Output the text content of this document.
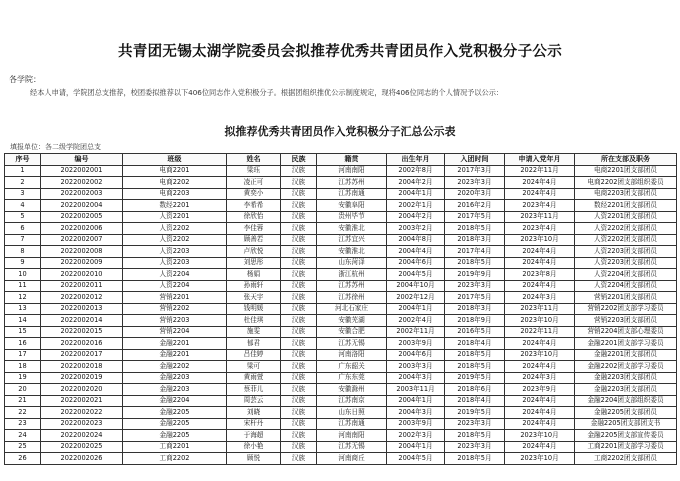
共青团无锡太湖学院委员会拟推荐优秀共青团员作入党积极分子公示
各学院：
经本人申请，学院团总支推荐，校团委拟推荐以下406位同志作入党积极分子。根据团组织推优公示制度规定，现将406位同志的个人情况予以公示：
拟推荐优秀共青团员作入党积极分子汇总公示表
填报单位：各二级学院团总支
序号	编号	班级	姓名	民族	籍贯	出生年月	入团时间	申请入党年月	所在支部及职务
1	2022002001	电商2201	梁珏	汉族	河南南阳	2002年8月	2017年3月	2022年11月	电商2201团支部团员
2	2022002002	电商2202	凌正可	汉族	江苏苏州	2004年2月	2023年3月	2024年4月	电商2202团支部组织委员
3	2022002003	电商2203	黄奕小	汉族	江苏南通	2004年1月	2020年3月	2024年4月	电商2203团支部团员
4	2022002004	数经2201	李希希	汉族	安徽阜阳	2002年1月	2016年2月	2023年4月	数经2201团支部团员
5	2022002005	人资2201	徐欣怡	汉族	贵州毕节	2004年2月	2017年5月	2023年11月	人资2201团支部团员
6	2022002006	人资2202	李佳蓉	汉族	安徽淮北	2003年2月	2018年5月	2023年4月	人资2202团支部团员
7	2022002007	人资2202	顾善若	汉族	江苏宜兴	2004年8月	2018年3月	2023年10月	人资2202团支部团员
8	2022002008	人资2203	卢欣悦	汉族	安徽淮北	2004年4月	2017年4月	2024年4月	人资2203团支部团员
9	2022002009	人资2203	刘思彤	汉族	山东菏泽	2004年6月	2018年5月	2024年4月	人资2203团支部团员
10	2022002010	人资2204	杨娟	汉族	浙江杭州	2004年5月	2019年9月	2023年8月	人资2204团支部团员
11	2022002011	人资2204	孙雨轩	汉族	江苏苏州	2004年10月	2023年3月	2024年4月	人资2204团支部团员
12	2022002012	营销2201	张天宇	汉族	江苏徐州	2002年12月	2017年5月	2024年3月	营销2201团支部团员
13	2022002013	营销2202	钱明媛	汉族	河北石家庄	2004年1月	2018年3月	2023年11月	营销2202团支部学习委员
14	2022002014	营销2203	杜佳琪	汉族	安徽芜湖	2002年4月	2018年9月	2023年10月	营销2203团支部团员
15	2022002015	营销2204	施雯	汉族	安徽合肥	2002年11月	2016年5月	2022年11月	营销2204团支部心理委员
16	2022002016	金融2201	郁君	汉族	江苏无锡	2003年9月	2018年4月	2024年4月	金融2201团支部学习委员
17	2022002017	金融2201	吕佳婷	汉族	河南洛阳	2004年6月	2018年5月	2023年10月	金融2201团支部团员
18	2022002018	金融2202	梁可	汉族	广东韶关	2003年3月	2018年5月	2024年4月	金融2202团支部学习委员
19	2022002019	金融2203	黄雨萱	汉族	广东东莞	2004年3月	2019年5月	2024年3月	金融2203团支部团员
20	2022002020	金融2203	蔡菲儿	汉族	安徽滁州	2003年11月	2018年6月	2023年9月	金融2203团支部团员
21	2022002021	金融2204	周芸云	汉族	江苏南京	2004年1月	2018年4月	2024年4月	金融2204团支部组织委员
22	2022002022	金融2205	刘晓	汉族	山东日照	2004年3月	2019年5月	2024年4月	金融2205团支部团员
23	2022002023	金融2205	宋杆丹	汉族	江苏南通	2003年9月	2023年3月	2024年4月	金融2205团支部团支书
24	2022002024	金融2205	于海超	汉族	河南南阳	2002年3月	2018年5月	2023年10月	金融2205团支部宣传委员
25	2022002025	工商2201	徐小艳	汉族	江苏无锡	2004年1月	2023年3月	2024年4月	工商2201团支部学习委员
26	2022002026	工商2202	顾悦	汉族	河南商丘	2004年5月	2018年5月	2023年10月	工商2202团支部团员
